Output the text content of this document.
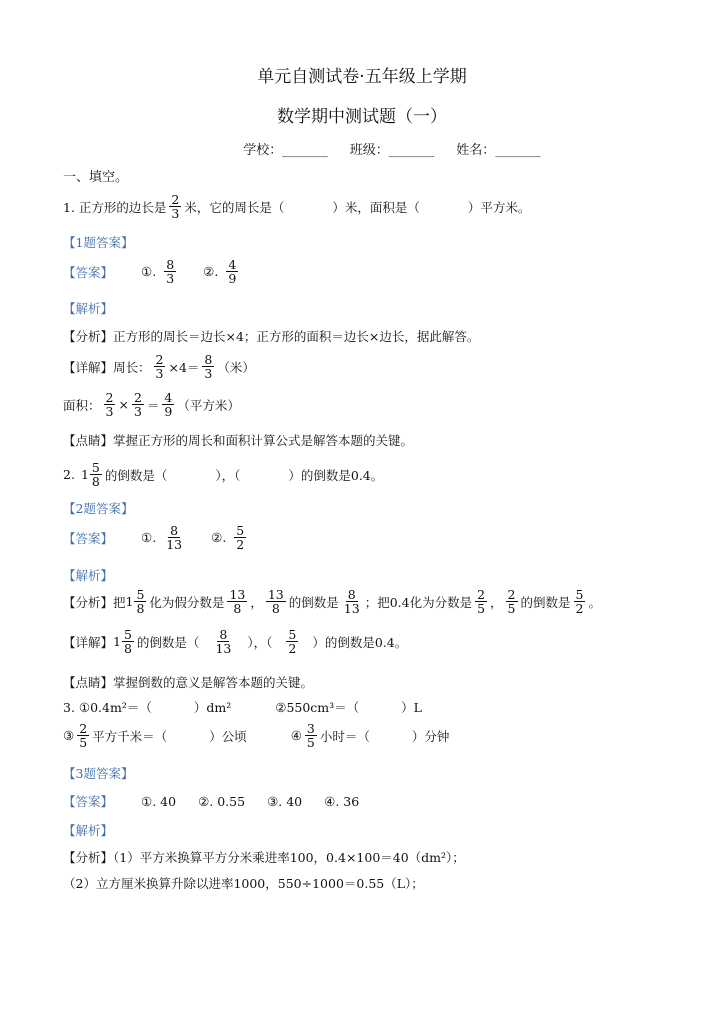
单元自测试卷·五年级上学期
数学期中测试题（一）
学校：_______ 班级：_______ 姓名：_______
一、填空。
1. 正方形的边长是 $\frac{2}{3}$ 米，它的周长是（	）米，面积是（	）平方米。
【1题答案】
【答案】 ①. $\frac{8}{3}$ ②. $\frac{4}{9}$
【解析】
【分析】正方形的周长＝边长×4；正方形的面积＝边长×边长，据此解答。
【详解】周长： $\frac{2}{3} \times 4= \frac{8}{3}$ （米）
面积： $\frac{2}{3} \times \frac{2}{3} = \frac{4}{9}$ （平方米）
【点睛】掌握正方形的周长和面积计算公式是解答本题的关键。
2. $1 \frac{5}{8}$ 的倒数是（	），（	）的倒数是0.4。
【2题答案】
【答案】 ①. $\frac{8}{13}$ ②. $\frac{5}{2}$
【解析】
【分析】把 $1 \frac{5}{8}$ 化为假分数是 $\frac{13}{8}$ ， $\frac{13}{8}$ 的倒数是 $\frac{8}{13}$ ；把0.4化为分数是 $\frac{2}{5}$ ， $\frac{2}{5}$ 的倒数是 $\frac{5}{2}$ 。
【详解】 $1 \frac{5}{8}$ 的倒数是（ $\frac{8}{13}$ ），（ $\frac{5}{2}$ ）的倒数是0.4。
【点睛】掌握倒数的意义是解答本题的关键。
3. ①0.4m²＝（	）dm²	②550cm³＝（	）L
③ $\frac{2}{5}$ 平方千米＝（	）公顷	④ $\frac{3}{5}$ 小时＝（	）分钟
【3题答案】
【答案】 ①. 40 ②. 0.55 ③. 40 ④. 36
【解析】
【分析】（1）平方米换算平方分米乘进率100，0.4×100＝40（dm²）；
（2）立方厘米换算升除以进率1000，550÷1000＝0.55（L）；
